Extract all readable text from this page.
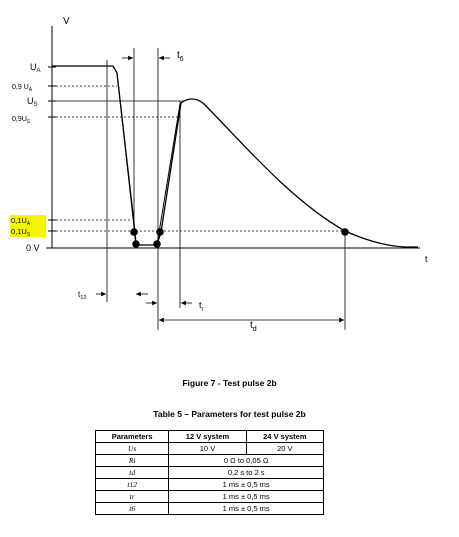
V
t
$U_A$
0,9 $U_A$
$U_S$
$0,9U_S$
$0,1U_A$
$0,1U_S$
0 V
$t_6$
$t_{12}$
$t_r$
$t_d$
Figure 7 - Test pulse 2b
Table 5 – Parameters for test pulse 2b
Parameters	12 V system	24 V system
Us	10 V	20 V
Ri	0 Ω to 0,05 Ω	
td	0,2 s to 2 s	
t12	1 ms ± 0,5 ms	
tr	1 ms ± 0,5 ms	
t6	1 ms ± 0,5 ms	
